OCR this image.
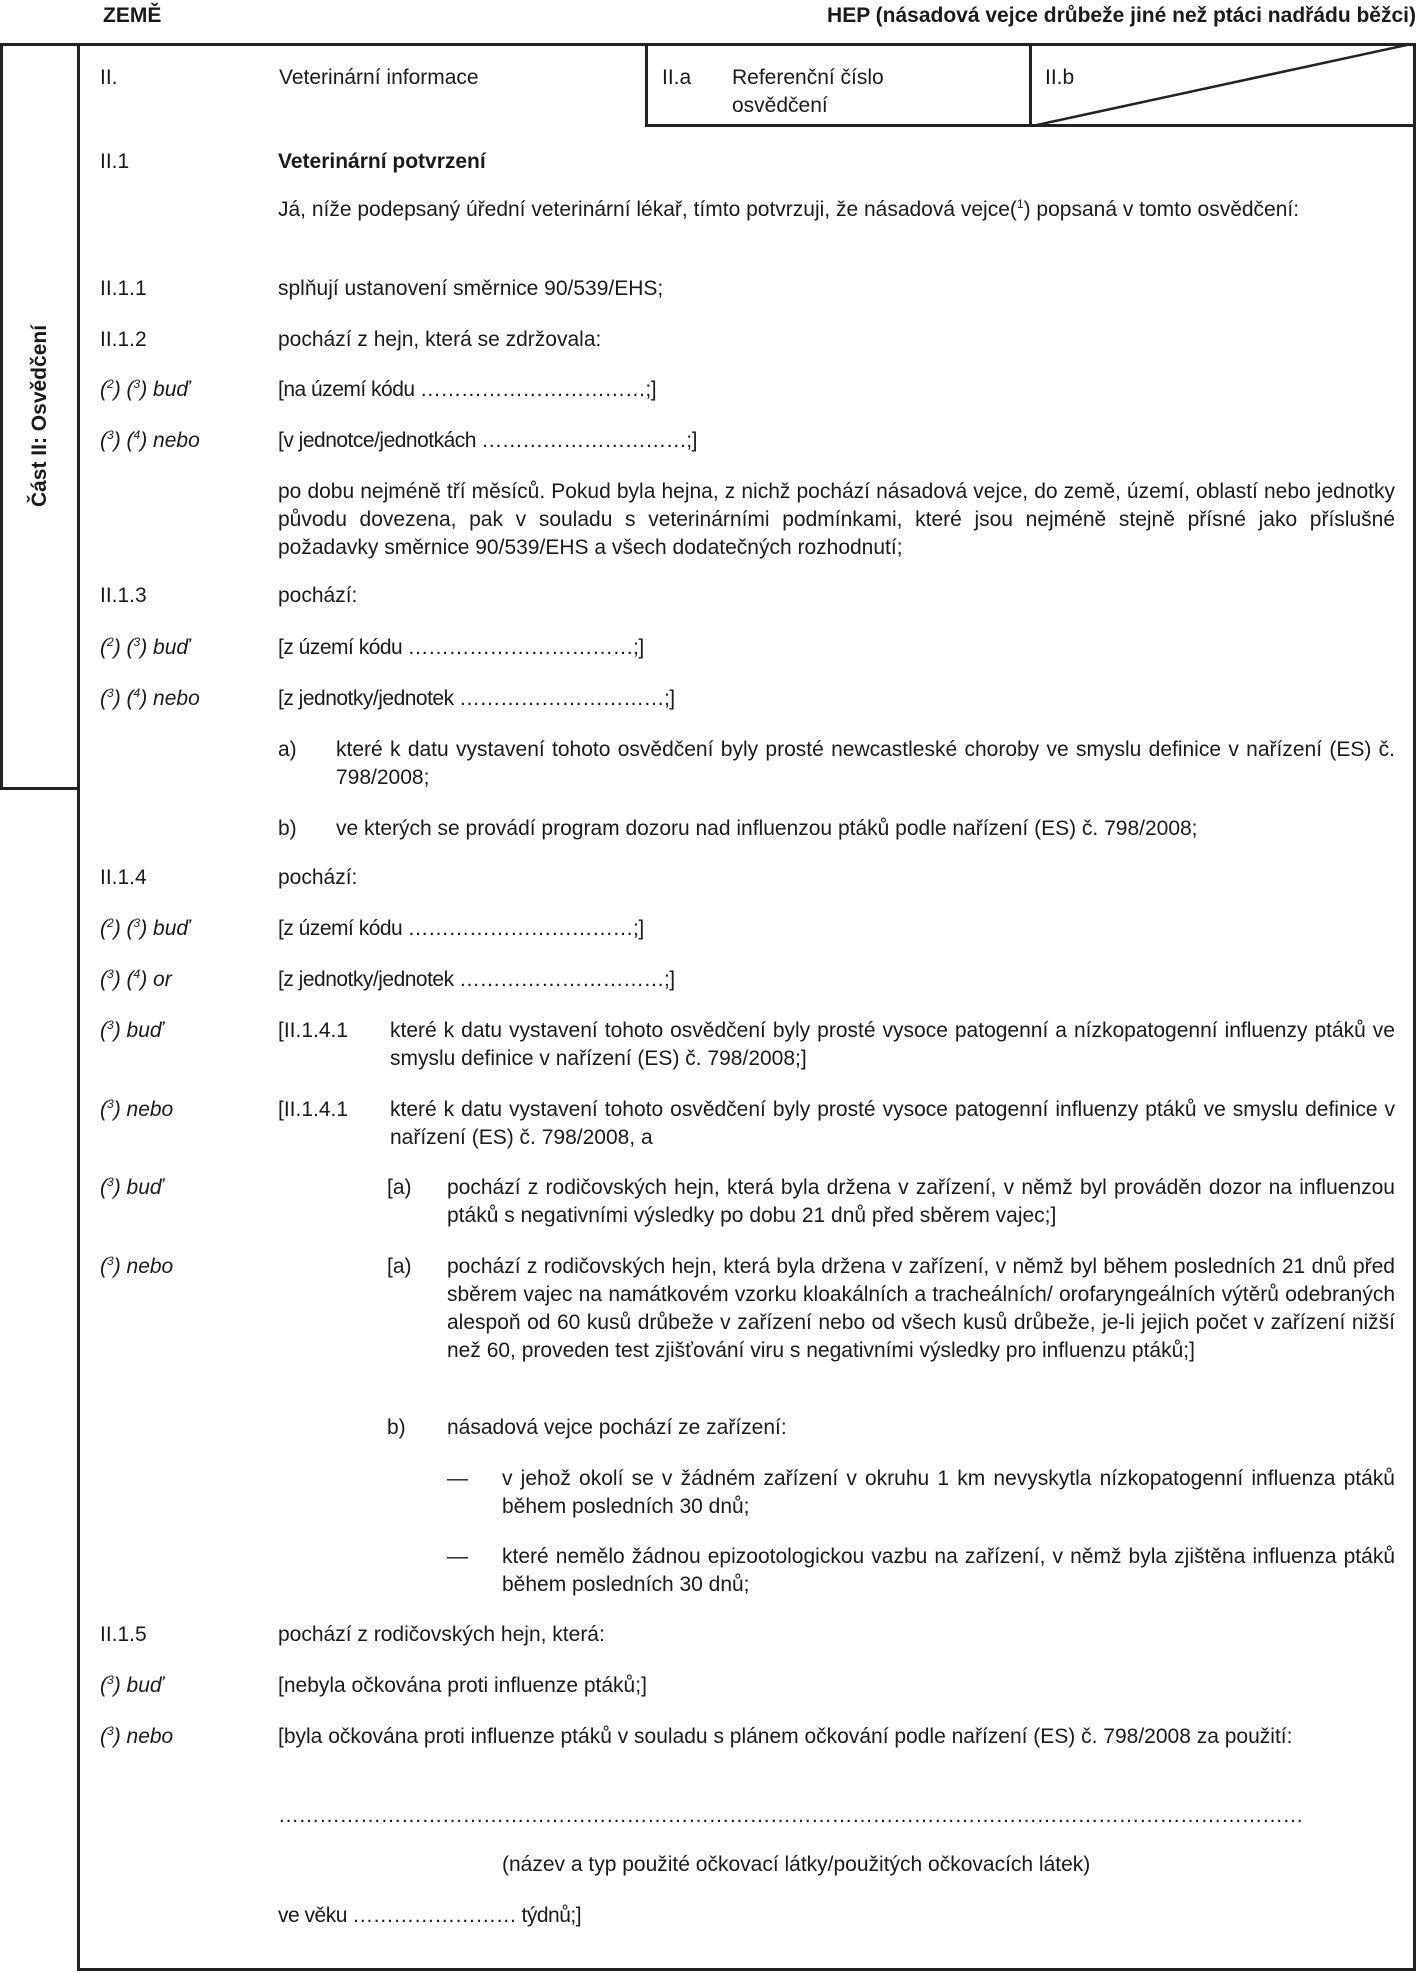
ZEMĚ	HEP (násadová vejce drůbeže jiné než ptáci nadřádu běžci)
Část II: Osvědčení
II.	Veterinární informace	II.a Referenční číslo
osvědčení
II.b
II.1	Veterinární potvrzení
Já, níže podepsaný úřední veterinární lékař, tímto potvrzuji, že násadová vejce($^1$) popsaná v tomto osvědčení:
II.1.1	splňují ustanovení směrnice 90/539/EHS;
II.1.2	pochází z hejn, která se zdržovala:
($^2$) ($^3$) buď	[na území kódu ……………………………;]
($^3$) ($^4$) nebo	[v jednotce/jednotkách …………………………;]
po dobu nejméně tří měsíců. Pokud byla hejna, z nichž pochází násadová vejce, do země, území, oblastí nebo jednotky původu dovezena, pak v souladu s veterinárními podmínkami, které jsou nejméně stejně přísné jako příslušné požadavky směrnice 90/539/EHS a všech dodatečných rozhodnutí;
II.1.3	pochází:
($^2$) ($^3$) buď	[z území kódu ……………………………;]
($^3$) ($^4$) nebo	[z jednotky/jednotek …………………………;]
a) které k datu vystavení tohoto osvědčení byly prosté newcastleské choroby ve smyslu definice v nařízení (ES) č. 798/2008;
b) ve kterých se provádí program dozoru nad influenzou ptáků podle nařízení (ES) č. 798/2008;
II.1.4	pochází:
($^2$) ($^3$) buď	[z území kódu ……………………………;]
($^3$) ($^4$) or	[z jednotky/jednotek …………………………;]
($^3$) buď	[II.1.4.1 které k datu vystavení tohoto osvědčení byly prosté vysoce patogenní a nízkopatogenní influenzy ptáků ve smyslu definice v nařízení (ES) č. 798/2008;]
($^3$) nebo	[II.1.4.1 které k datu vystavení tohoto osvědčení byly prosté vysoce patogenní influenzy ptáků ve smyslu definice v nařízení (ES) č. 798/2008, a
($^3$) buď	[a) pochází z rodičovských hejn, která byla držena v zařízení, v němž byl prováděn dozor na influenzou ptáků s negativními výsledky po dobu 21 dnů před sběrem vajec;]
($^3$) nebo	[a) pochází z rodičovských hejn, která byla držena v zařízení, v němž byl během posledních 21 dnů před sběrem vajec na namátkovém vzorku kloakálních a tracheálních/ orofaryngeálních výtěrů odebraných alespoň od 60 kusů drůbeže v zařízení nebo od všech kusů drůbeže, je-li jejich počet v zařízení nižší než 60, proveden test zjišťování viru s negativními výsledky pro influenzu ptáků;]
b) násadová vejce pochází ze zařízení:
— v jehož okolí se v žádném zařízení v okruhu 1 km nevyskytla nízkopatogenní influenza ptáků během posledních 30 dnů;
— které nemělo žádnou epizootologickou vazbu na zařízení, v němž byla zjištěna influenza ptáků během posledních 30 dnů;
II.1.5	pochází z rodičovských hejn, která:
($^3$) buď	[nebyla očkována proti influenze ptáků;]
($^3$) nebo	[byla očkována proti influenze ptáků v souladu s plánem očkování podle nařízení (ES) č. 798/2008 za použití:
……………………………………………………………………………………………………………………………………
(název a typ použité očkovací látky/použitých očkovacích látek)
ve věku …………………… týdnů;]
